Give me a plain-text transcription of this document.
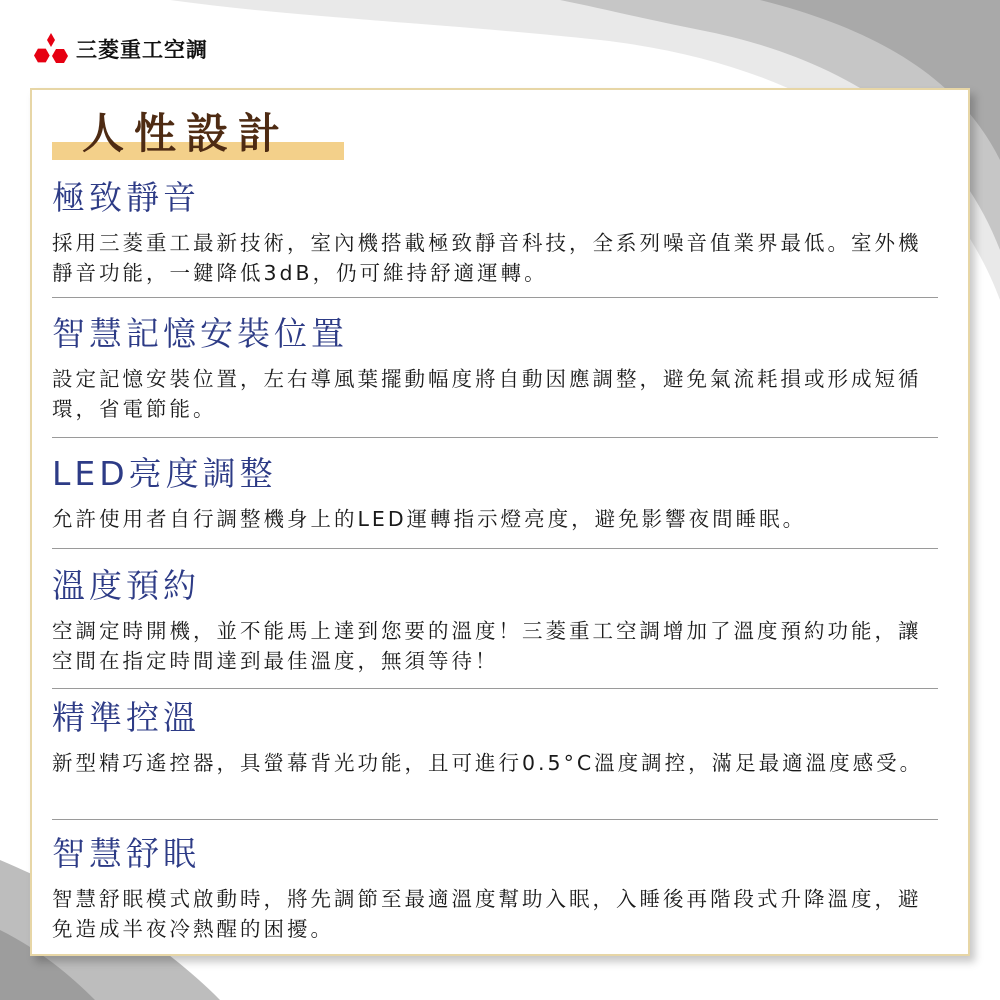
三菱重工空調
人性設計
極致靜音

採用三菱重工最新技術，室內機搭載極致靜音科技，全系列噪音值業界最低。室外機靜音功能，一鍵降低3dB，仍可維持舒適運轉。

智慧記憶安裝位置

設定記憶安裝位置，左右導風葉擺動幅度將自動因應調整，避免氣流耗損或形成短循環，省電節能。

LED亮度調整

允許使用者自行調整機身上的LED運轉指示燈亮度，避免影響夜間睡眠。

溫度預約

空調定時開機，並不能馬上達到您要的溫度！三菱重工空調增加了溫度預約功能，讓空間在指定時間達到最佳溫度，無須等待！

精準控溫

新型精巧遙控器，具螢幕背光功能，且可進行0.5°C溫度調控，滿足最適溫度感受。

智慧舒眠

智慧舒眠模式啟動時，將先調節至最適溫度幫助入眠，入睡後再階段式升降溫度，避免造成半夜冷熱醒的困擾。
